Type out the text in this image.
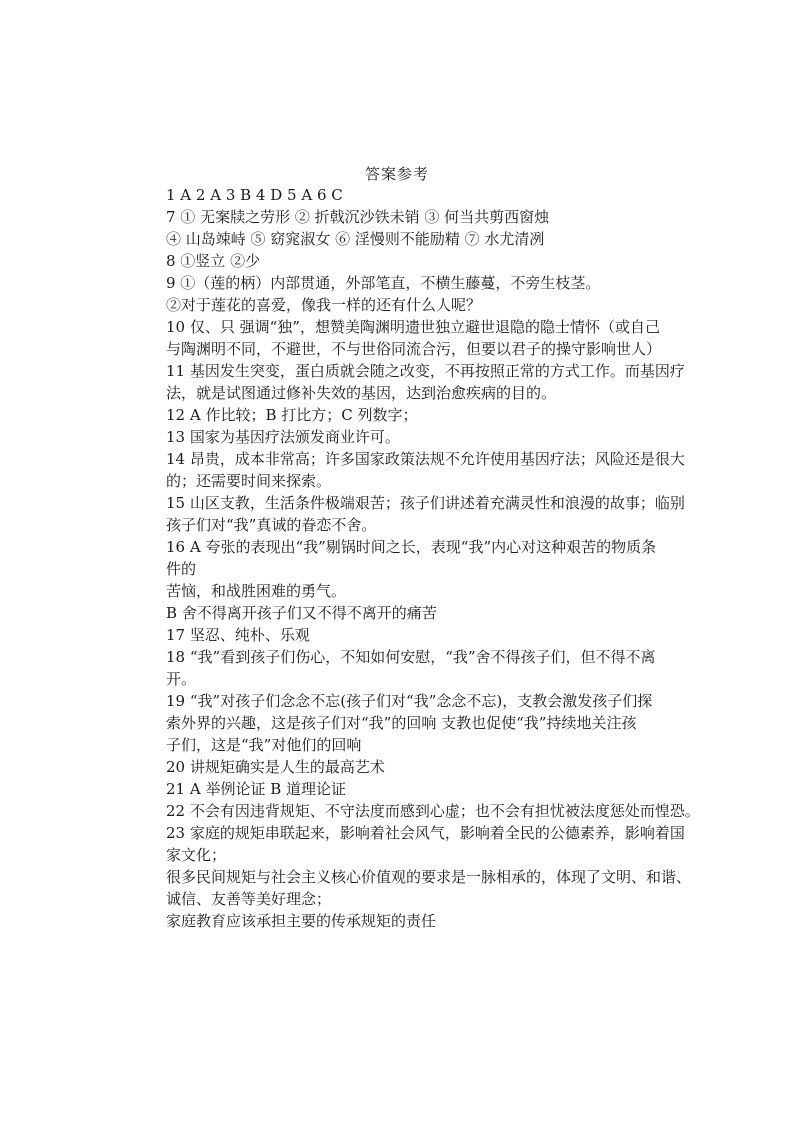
答案参考
1 A 2 A 3 B 4 D 5 A 6 C
7 ① 无案牍之劳形 ② 折戟沉沙铁未销 ③ 何当共剪西窗烛
④ 山岛竦峙 ⑤ 窈窕淑女 ⑥ 淫慢则不能励精 ⑦ 水尤清冽
8 ①竖立 ②少
9 ①（莲的柄）内部贯通，外部笔直，不横生藤蔓，不旁生枝茎。
②对于莲花的喜爱，像我一样的还有什么人呢？
10 仅、只 强调“独”，想赞美陶渊明遗世独立避世退隐的隐士情怀（或自己
与陶渊明不同，不避世，不与世俗同流合污，但要以君子的操守影响世人）
11 基因发生突变，蛋白质就会随之改变，不再按照正常的方式工作。而基因疗
法，就是试图通过修补失效的基因，达到治愈疾病的目的。
12 A 作比较；B 打比方；C 列数字；
13 国家为基因疗法颁发商业许可。
14 昂贵，成本非常高；许多国家政策法规不允许使用基因疗法；风险还是很大
的；还需要时间来探索。
15 山区支教，生活条件极端艰苦；孩子们讲述着充满灵性和浪漫的故事；临别
孩子们对“我”真诚的眷恋不舍。
16 A 夸张的表现出“我”剔锅时间之长，表现“我”内心对这种艰苦的物质条
件的
苦恼，和战胜困难的勇气。
B 舍不得离开孩子们又不得不离开的痛苦
17 坚忍、纯朴、乐观
18 “我”看到孩子们伤心，不知如何安慰，“我”舍不得孩子们，但不得不离
开。
19 “我”对孩子们念念不忘(孩子们对“我”念念不忘)，支教会激发孩子们探
索外界的兴趣，这是孩子们对“我”的回响 支教也促使“我”持续地关注孩
子们，这是“我”对他们的回响
20 讲规矩确实是人生的最高艺术
21 A 举例论证 B 道理论证
22 不会有因违背规矩、不守法度而感到心虚；也不会有担忧被法度惩处而惶恐。
23 家庭的规矩串联起来，影响着社会风气，影响着全民的公德素养，影响着国
家文化；
很多民间规矩与社会主义核心价值观的要求是一脉相承的，体现了文明、和谐、
诚信、友善等美好理念；
家庭教育应该承担主要的传承规矩的责任
